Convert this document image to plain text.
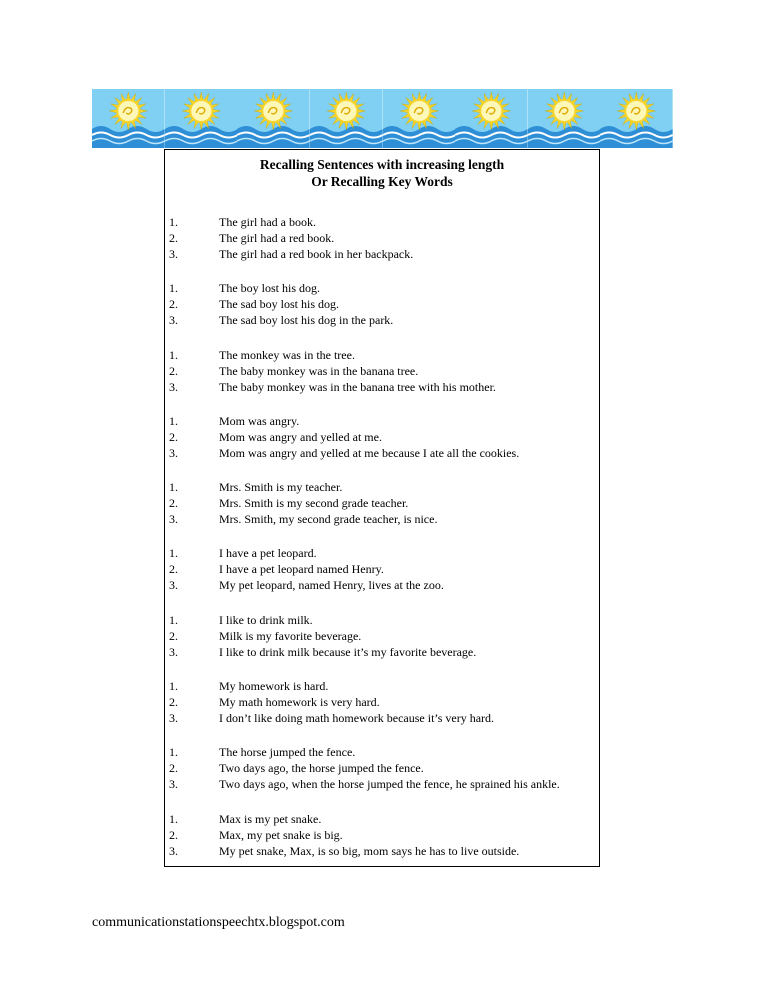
Recalling Sentences with increasing length
Or Recalling Key Words
1.	The girl had a book.
2.	The girl had a red book.
3.	The girl had a red book in her backpack.
1.	The boy lost his dog.
2.	The sad boy lost his dog.
3.	The sad boy lost his dog in the park.
1.	The monkey was in the tree.
2.	The baby monkey was in the banana tree.
3.	The baby monkey was in the banana tree with his mother.
1.	Mom was angry.
2.	Mom was angry and yelled at me.
3.	Mom was angry and yelled at me because I ate all the cookies.
1.	Mrs. Smith is my teacher.
2.	Mrs. Smith is my second grade teacher.
3.	Mrs. Smith, my second grade teacher, is nice.
1.	I have a pet leopard.
2.	I have a pet leopard named Henry.
3.	My pet leopard, named Henry, lives at the zoo.
1.	I like to drink milk.
2.	Milk is my favorite beverage.
3.	I like to drink milk because it’s my favorite beverage.
1.	My homework is hard.
2.	My math homework is very hard.
3.	I don’t like doing math homework because it’s very hard.
1.	The horse jumped the fence.
2.	Two days ago, the horse jumped the fence.
3.	Two days ago, when the horse jumped the fence, he sprained his ankle.
1.	Max is my pet snake.
2.	Max, my pet snake is big.
3.	My pet snake, Max, is so big, mom says he has to live outside.
communicationstationspeechtx.blogspot.com
